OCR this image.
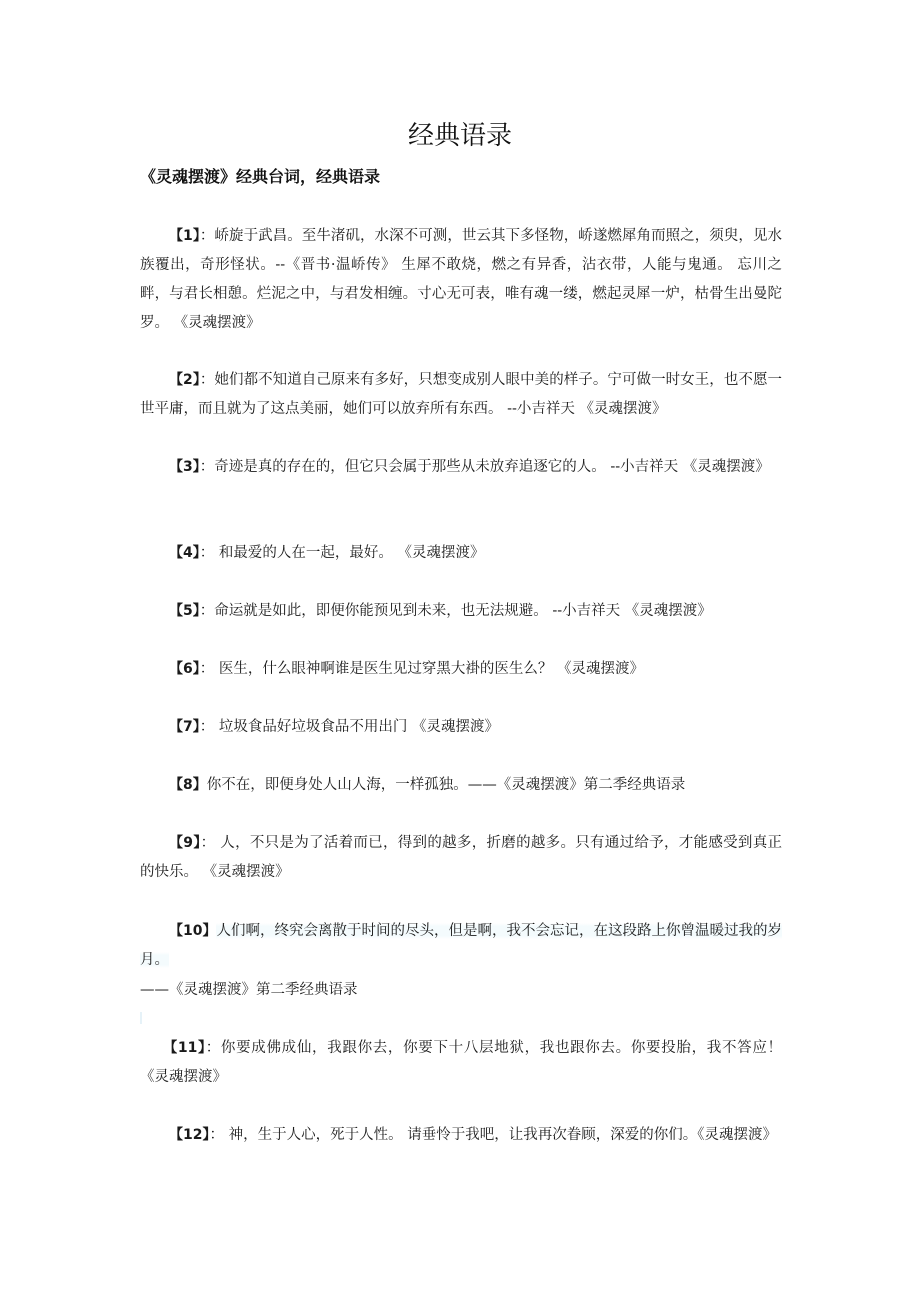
经典语录
《灵魂摆渡》经典台词，经典语录
【1】：峤旋于武昌。至牛渚矶，水深不可测，世云其下多怪物，峤遂燃犀角而照之，须臾，见水族覆出，奇形怪状。--《晋书·温峤传》 生犀不敢烧，燃之有异香，沾衣带，人能与鬼通。 忘川之畔，与君长相憩。烂泥之中，与君发相缠。寸心无可表，唯有魂一缕，燃起灵犀一炉，枯骨生出曼陀罗。 《灵魂摆渡》
【2】：她们都不知道自己原来有多好，只想变成别人眼中美的样子。宁可做一时女王，也不愿一世平庸，而且就为了这点美丽，她们可以放弃所有东西。 --小吉祥天 《灵魂摆渡》
【3】：奇迹是真的存在的，但它只会属于那些从未放弃追逐它的人。 --小吉祥天 《灵魂摆渡》
【4】： 和最爱的人在一起，最好。 《灵魂摆渡》
【5】：命运就是如此，即便你能预见到未来，也无法规避。 --小吉祥天 《灵魂摆渡》
【6】： 医生，什么眼神啊谁是医生见过穿黑大褂的医生么？ 《灵魂摆渡》
【7】： 垃圾食品好垃圾食品不用出门 《灵魂摆渡》
【8】你不在，即便身处人山人海，一样孤独。——《灵魂摆渡》第二季经典语录
【9】： 人，不只是为了活着而已，得到的越多，折磨的越多。只有通过给予，才能感受到真正的快乐。 《灵魂摆渡》
【10】人们啊，终究会离散于时间的尽头，但是啊，我不会忘记，在这段路上你曾温暖过我的岁月。
——《灵魂摆渡》第二季经典语录
【11】：你要成佛成仙，我跟你去，你要下十八层地狱，我也跟你去。你要投胎，我不答应！ 《灵魂摆渡》
【12】： 神，生于人心，死于人性。 请垂怜于我吧，让我再次眷顾，深爱的你们。《灵魂摆渡》
